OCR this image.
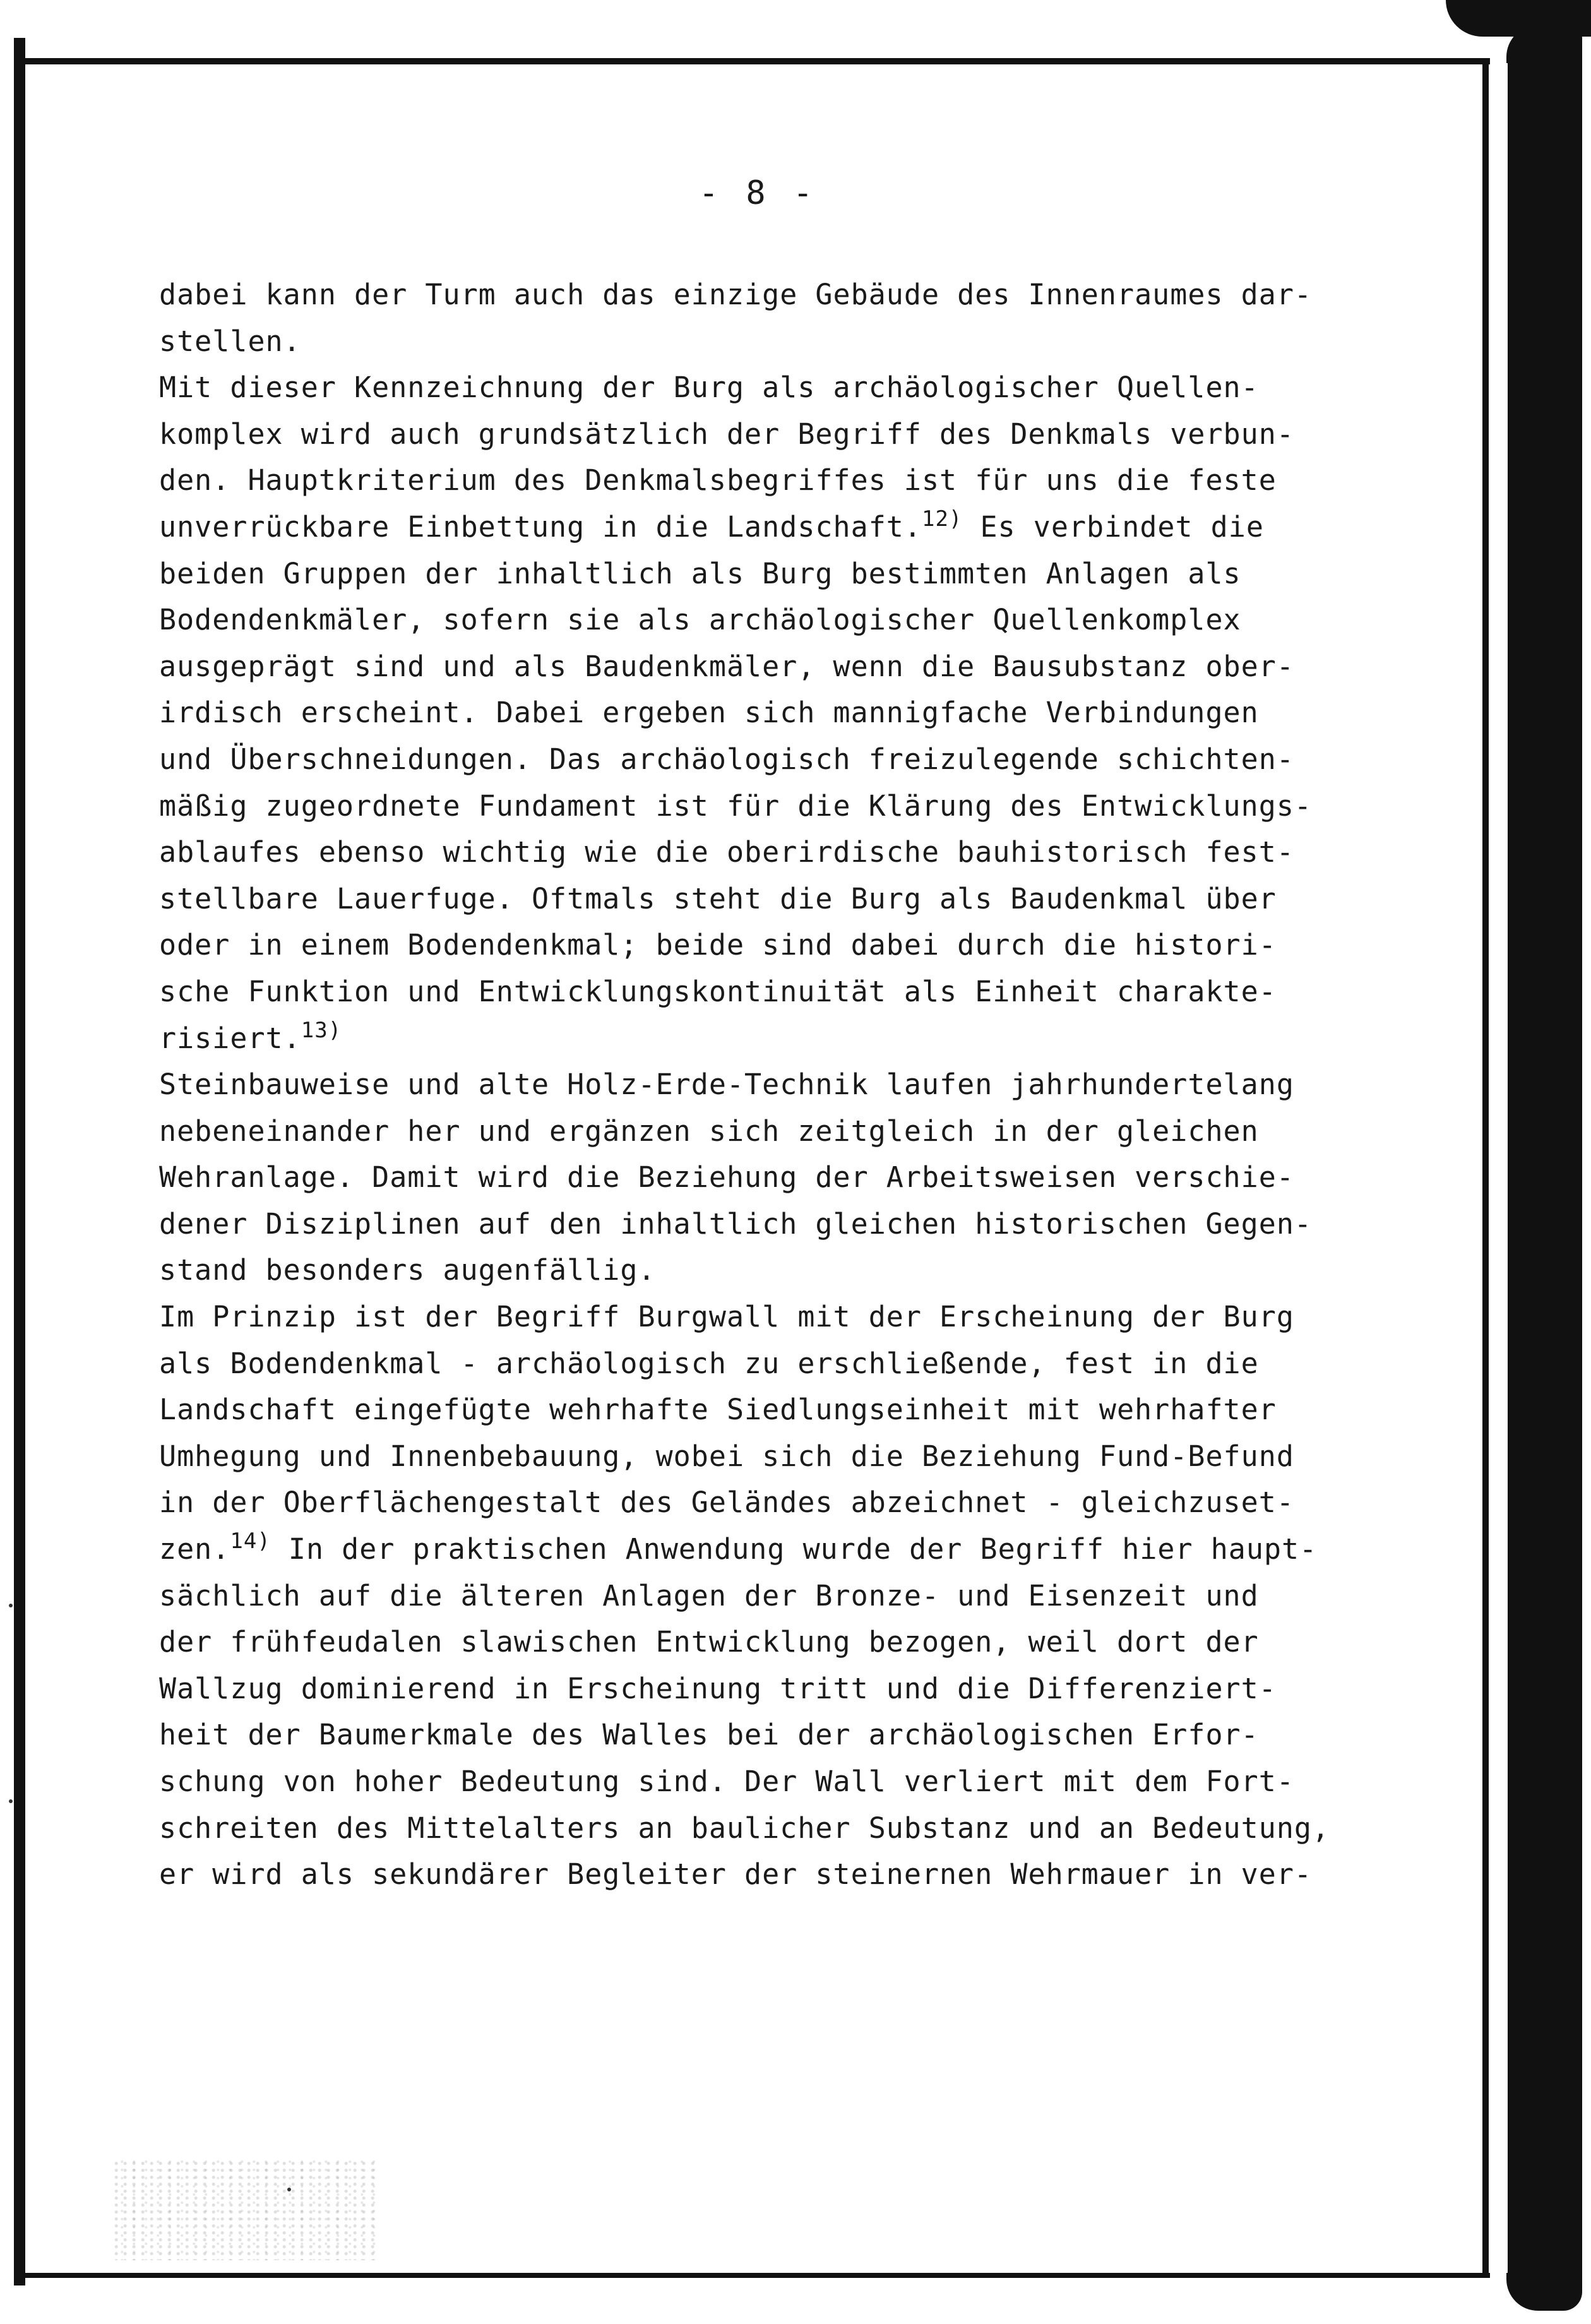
- 8 -
dabei kann der Turm auch das einzige Gebäude des Innenraumes dar-
stellen.
Mit dieser Kennzeichnung der Burg als archäologischer Quellen-
komplex wird auch grundsätzlich der Begriff des Denkmals verbun-
den. Hauptkriterium des Denkmalsbegriffes ist für uns die feste
unverrückbare Einbettung in die Landschaft.$^{12)}$ Es verbindet die
beiden Gruppen der inhaltlich als Burg bestimmten Anlagen als
Bodendenkmäler, sofern sie als archäologischer Quellenkomplex
ausgeprägt sind und als Baudenkmäler, wenn die Bausubstanz ober-
irdisch erscheint. Dabei ergeben sich mannigfache Verbindungen
und Überschneidungen. Das archäologisch freizulegende schichten-
mäßig zugeordnete Fundament ist für die Klärung des Entwicklungs-
ablaufes ebenso wichtig wie die oberirdische bauhistorisch fest-
stellbare Lauerfuge. Oftmals steht die Burg als Baudenkmal über
oder in einem Bodendenkmal; beide sind dabei durch die histori-
sche Funktion und Entwicklungskontinuität als Einheit charakte-
risiert.$^{13)}$
Steinbauweise und alte Holz-Erde-Technik laufen jahrhundertelang
nebeneinander her und ergänzen sich zeitgleich in der gleichen
Wehranlage. Damit wird die Beziehung der Arbeitsweisen verschie-
dener Disziplinen auf den inhaltlich gleichen historischen Gegen-
stand besonders augenfällig.
Im Prinzip ist der Begriff Burgwall mit der Erscheinung der Burg
als Bodendenkmal - archäologisch zu erschließende, fest in die
Landschaft eingefügte wehrhafte Siedlungseinheit mit wehrhafter
Umhegung und Innenbebauung, wobei sich die Beziehung Fund-Befund
in der Oberflächengestalt des Geländes abzeichnet - gleichzuset-
zen.$^{14)}$ In der praktischen Anwendung wurde der Begriff hier haupt-
sächlich auf die älteren Anlagen der Bronze- und Eisenzeit und
der frühfeudalen slawischen Entwicklung bezogen, weil dort der
Wallzug dominierend in Erscheinung tritt und die Differenziert-
heit der Baumerkmale des Walles bei der archäologischen Erfor-
schung von hoher Bedeutung sind. Der Wall verliert mit dem Fort-
schreiten des Mittelalters an baulicher Substanz und an Bedeutung,
er wird als sekundärer Begleiter der steinernen Wehrmauer in ver-
